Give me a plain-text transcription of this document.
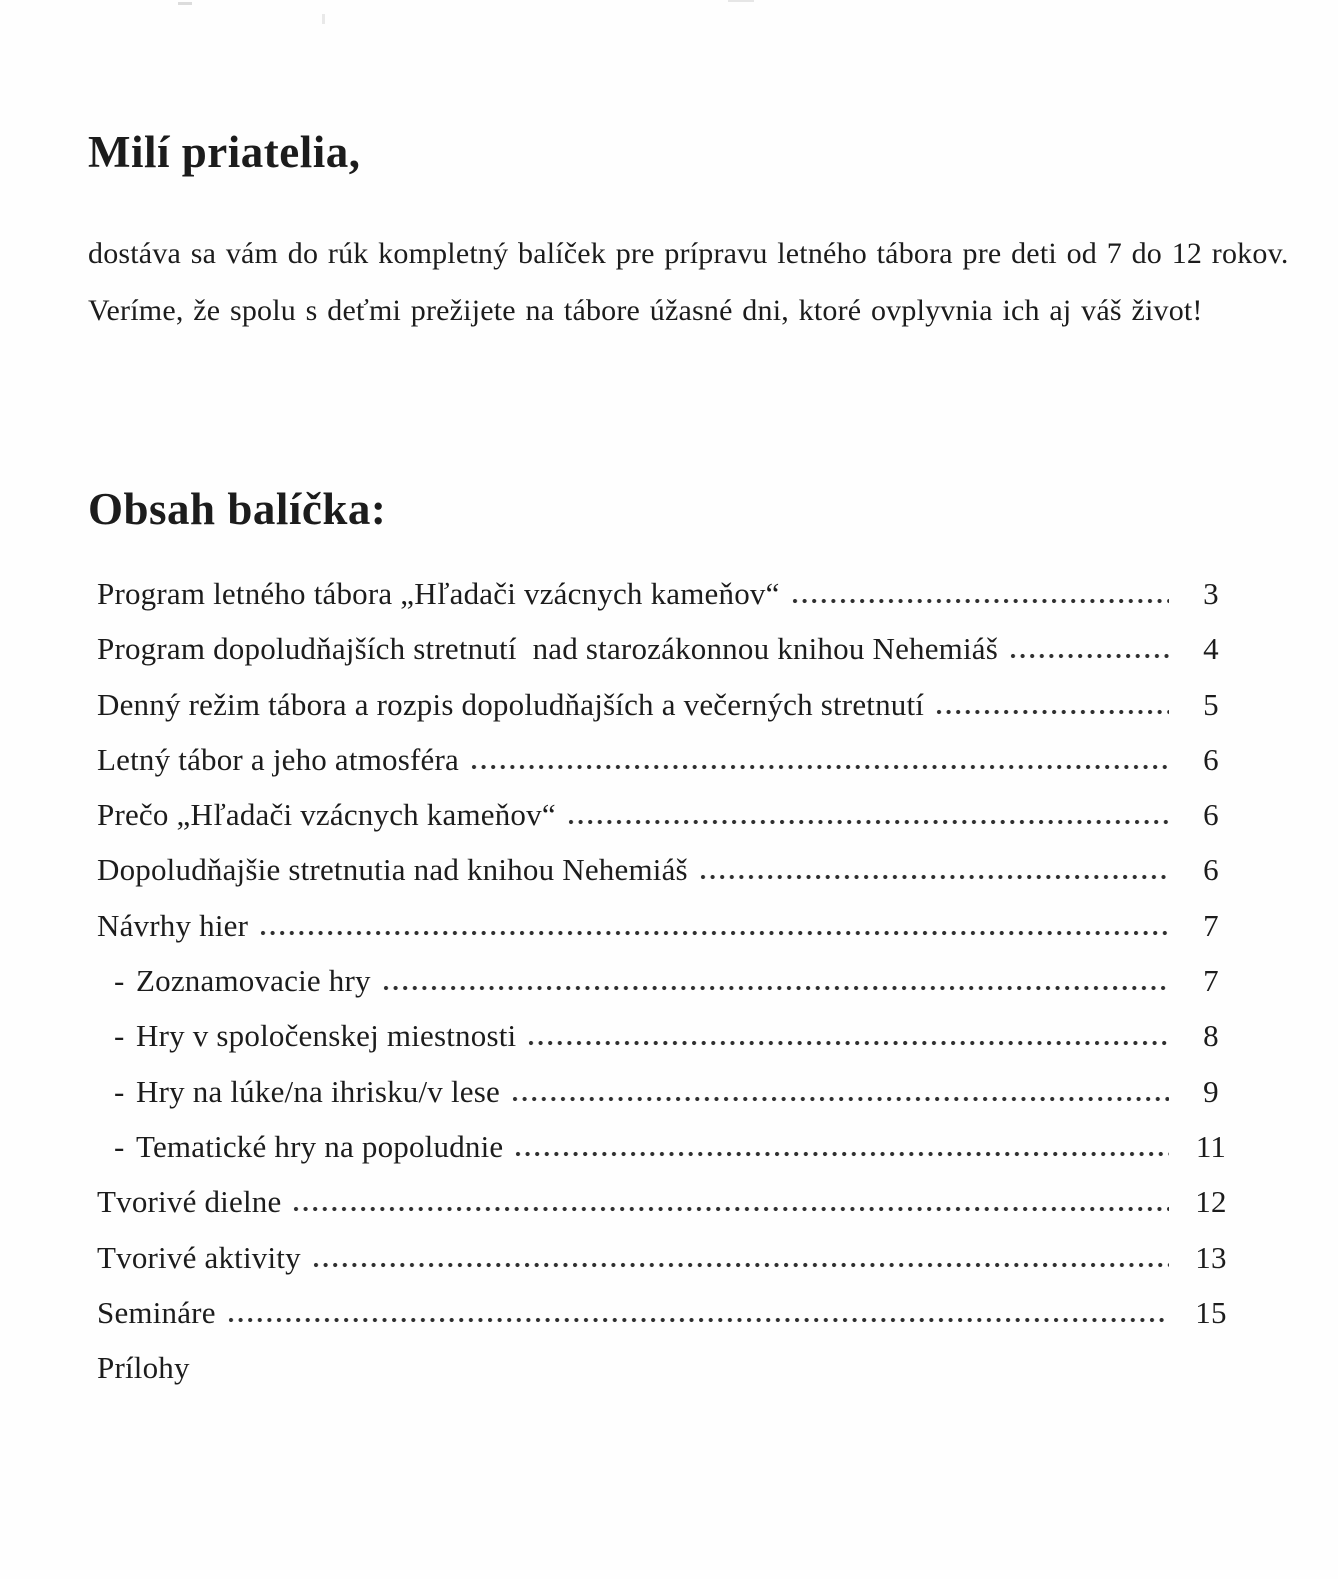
Milí priatelia,
dostáva sa vám do rúk kompletný balíček pre prípravu letného tábora pre deti od 7 do 12 rokov.
Veríme, že spolu s deťmi prežijete na tábore úžasné dni, ktoré ovplyvnia ich aj váš život!
Obsah balíčka:
Program letného tábora „Hľadači vzácnych kameňov“	3
Program dopoludňajších stretnutí  nad starozákonnou knihou Nehemiáš	4
Denný režim tábora a rozpis dopoludňajších a večerných stretnutí	5
Letný tábor a jeho atmosféra	6
Prečo „Hľadači vzácnych kameňov“	6
Dopoludňajšie stretnutia nad knihou Nehemiáš	6
Návrhy hier	7
- Zoznamovacie hry	7
- Hry v spoločenskej miestnosti	8
- Hry na lúke/na ihrisku/v lese	9
- Tematické hry na popoludnie	11
Tvorivé dielne	12
Tvorivé aktivity	13
Semináre	15
Prílohy
